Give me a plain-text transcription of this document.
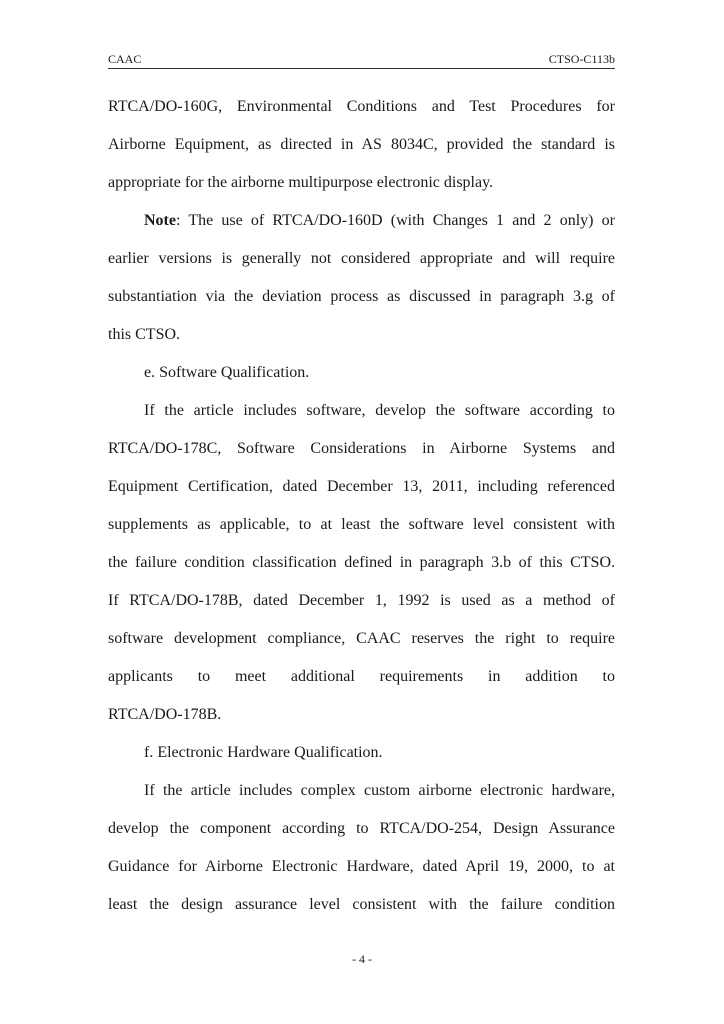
CAAC	CTSO-C113b
RTCA/DO-160G, Environmental Conditions and Test Procedures for
Airborne Equipment, as directed in AS 8034C, provided the standard is
appropriate for the airborne multipurpose electronic display.
Note: The use of RTCA/DO-160D (with Changes 1 and 2 only) or
earlier versions is generally not considered appropriate and will require
substantiation via the deviation process as discussed in paragraph 3.g of
this CTSO.
e. Software Qualification.
If the article includes software, develop the software according to
RTCA/DO-178C, Software Considerations in Airborne Systems and
Equipment Certification, dated December 13, 2011, including referenced
supplements as applicable, to at least the software level consistent with
the failure condition classification defined in paragraph 3.b of this CTSO.
If RTCA/DO-178B, dated December 1, 1992 is used as a method of
software development compliance, CAAC reserves the right to require
applicants to meet additional requirements in addition to
RTCA/DO-178B.
f. Electronic Hardware Qualification.
If the article includes complex custom airborne electronic hardware,
develop the component according to RTCA/DO-254, Design Assurance
Guidance for Airborne Electronic Hardware, dated April 19, 2000, to at
least the design assurance level consistent with the failure condition
- 4 -
